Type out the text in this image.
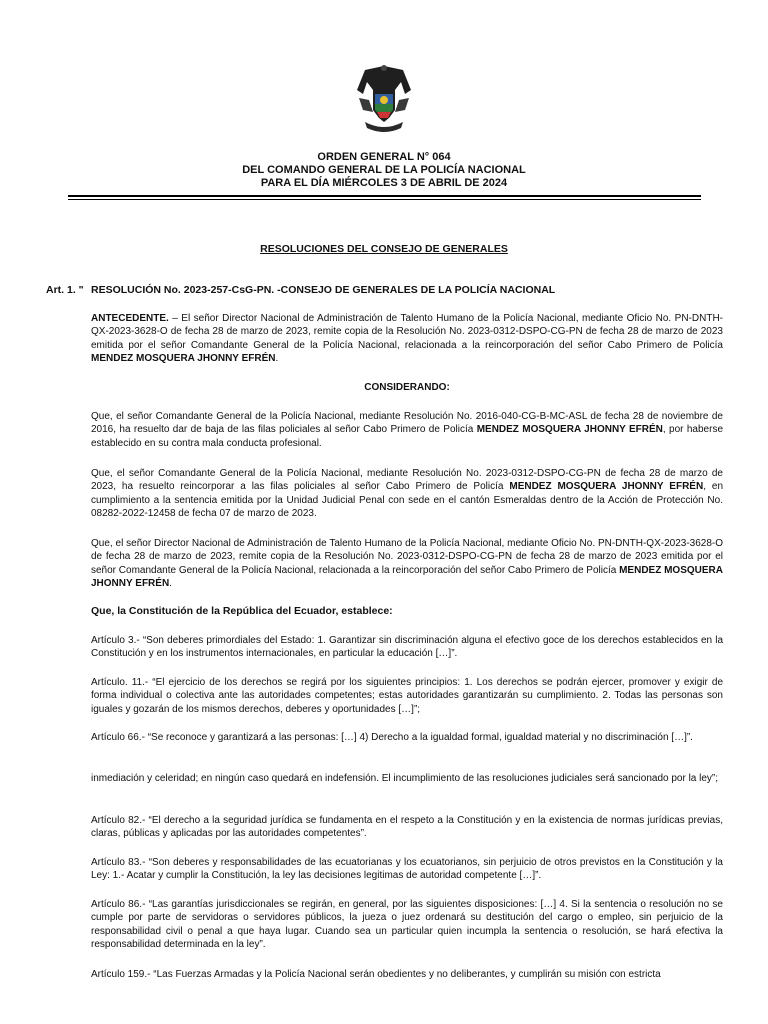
ORDEN GENERAL N° 064
DEL COMANDO GENERAL DE LA POLICÍA NACIONAL
PARA EL DÍA MIÉRCOLES 3 DE ABRIL DE 2024
RESOLUCIONES DEL CONSEJO DE GENERALES
Art. 1. " RESOLUCIÓN No. 2023-257-CsG-PN. -CONSEJO DE GENERALES DE LA POLICÍA NACIONAL

ANTECEDENTE. – El señor Director Nacional de Administración de Talento Humano de la Policía Nacional, mediante Oficio No. PN-DNTH-QX-2023-3628-O de fecha 28 de marzo de 2023, remite copia de la Resolución No. 2023-0312-DSPO-CG-PN de fecha 28 de marzo de 2023 emitida por el señor Comandante General de la Policía Nacional, relacionada a la reincorporación del señor Cabo Primero de Policía MENDEZ MOSQUERA JHONNY EFRÉN.

CONSIDERANDO:

Que, el señor Comandante General de la Policía Nacional, mediante Resolución No. 2016-040-CG-B-MC-ASL de fecha 28 de noviembre de 2016, ha resuelto dar de baja de las filas policiales al señor Cabo Primero de Policía MENDEZ MOSQUERA JHONNY EFRÉN, por haberse establecido en su contra mala conducta profesional.

Que, el señor Comandante General de la Policía Nacional, mediante Resolución No. 2023-0312-DSPO-CG-PN de fecha 28 de marzo de 2023, ha resuelto reincorporar a las filas policiales al señor Cabo Primero de Policía MENDEZ MOSQUERA JHONNY EFRÉN, en cumplimiento a la sentencia emitida por la Unidad Judicial Penal con sede en el cantón Esmeraldas dentro de la Acción de Protección No. 08282-2022-12458 de fecha 07 de marzo de 2023.

Que, el señor Director Nacional de Administración de Talento Humano de la Policía Nacional, mediante Oficio No. PN-DNTH-QX-2023-3628-O de fecha 28 de marzo de 2023, remite copia de la Resolución No. 2023-0312-DSPO-CG-PN de fecha 28 de marzo de 2023 emitida por el señor Comandante General de la Policía Nacional, relacionada a la reincorporación del señor Cabo Primero de Policía MENDEZ MOSQUERA JHONNY EFRÉN.

Que, la Constitución de la República del Ecuador, establece:

Artículo 3.- “Son deberes primordiales del Estado: 1. Garantizar sin discriminación alguna el efectivo goce de los derechos establecidos en la Constitución y en los instrumentos internacionales, en particular la educación […]”.

Artículo. 11.- “El ejercicio de los derechos se regirá por los siguientes principios: 1. Los derechos se podrán ejercer, promover y exigir de forma individual o colectiva ante las autoridades competentes; estas autoridades garantizarán su cumplimiento. 2. Todas las personas son iguales y gozarán de los mismos derechos, deberes y oportunidades […]”;

Artículo 66.- “Se reconoce y garantizará a las personas: […] 4) Derecho a la igualdad formal, igualdad material y no discriminación […]”.

inmediación y celeridad; en ningún caso quedará en indefensión. El incumplimiento de las resoluciones judiciales será sancionado por la ley”;

Artículo 82.- “El derecho a la seguridad jurídica se fundamenta en el respeto a la Constitución y en la existencia de normas jurídicas previas, claras, públicas y aplicadas por las autoridades competentes”.

Artículo 83.- “Son deberes y responsabilidades de las ecuatorianas y los ecuatorianos, sin perjuicio de otros previstos en la Constitución y la Ley: 1.- Acatar y cumplir la Constitución, la ley las decisiones legitimas de autoridad competente […]”.

Artículo 86.- “Las garantías jurisdiccionales se regirán, en general, por las siguientes disposiciones: […] 4. Si la sentencia o resolución no se cumple por parte de servidoras o servidores públicos, la jueza o juez ordenará su destitución del cargo o empleo, sin perjuicio de la responsabilidad civil o penal a que haya lugar. Cuando sea un particular quien incumpla la sentencia o resolución, se hará efectiva la responsabilidad determinada en la ley”.

Artículo 159.- “Las Fuerzas Armadas y la Policía Nacional serán obedientes y no deliberantes, y cumplirán su misión con estricta
